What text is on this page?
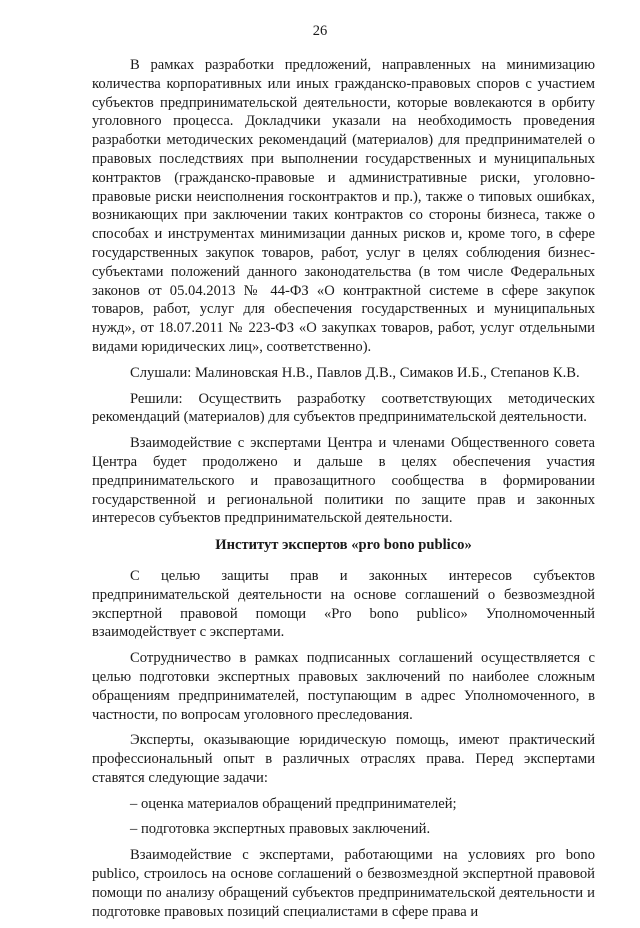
26

В рамках разработки предложений, направленных на минимизацию количества корпоративных или иных гражданско-правовых споров с участием субъектов предпринимательской деятельности, которые вовлекаются в орбиту уголовного процесса. Докладчики указали на необходимость проведения разработки методических рекомендаций (материалов) для предпринимателей о правовых последствиях при выполнении государственных и муниципальных контрактов (гражданско-правовые и административные риски, уголовно-правовые риски неисполнения госконтрактов и пр.), также о типовых ошибках, возникающих при заключении таких контрактов со стороны бизнеса, также о способах и инструментах минимизации данных рисков и, кроме того, в сфере государственных закупок товаров, работ, услуг в целях соблюдения бизнес-субъектами положений данного законодательства (в том числе Федеральных законов от 05.04.2013 № 44-ФЗ «О контрактной системе в сфере закупок товаров, работ, услуг для обеспечения государственных и муниципальных нужд», от 18.07.2011 № 223-ФЗ «О закупках товаров, работ, услуг отдельными видами юридических лиц», соответственно).

Слушали: Малиновская Н.В., Павлов Д.В., Симаков И.Б., Степанов К.В.

Решили: Осуществить разработку соответствующих методических рекомендаций (материалов) для субъектов предпринимательской деятельности.

Взаимодействие с экспертами Центра и членами Общественного совета Центра будет продолжено и дальше в целях обеспечения участия предпринимательского и правозащитного сообщества в формировании государственной и региональной политики по защите прав и законных интересов субъектов предпринимательской деятельности.

Институт экспертов «pro bono publico»

С целью защиты прав и законных интересов субъектов предпринимательской деятельности на основе соглашений о безвозмездной экспертной правовой помощи «Pro bono publico» Уполномоченный взаимодействует с экспертами.

Сотрудничество в рамках подписанных соглашений осуществляется с целью подготовки экспертных правовых заключений по наиболее сложным обращениям предпринимателей, поступающим в адрес Уполномоченного, в частности, по вопросам уголовного преследования.

Эксперты, оказывающие юридическую помощь, имеют практический профессиональный опыт в различных отраслях права. Перед экспертами ставятся следующие задачи:

– оценка материалов обращений предпринимателей;

– подготовка экспертных правовых заключений.

Взаимодействие с экспертами, работающими на условиях pro bono publico, строилось на основе соглашений о безвозмездной экспертной правовой помощи по анализу обращений субъектов предпринимательской деятельности и подготовке правовых позиций специалистами в сфере права и
